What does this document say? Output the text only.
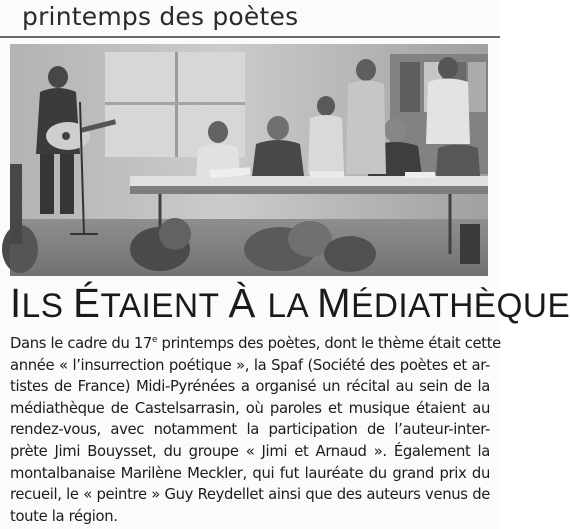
printemps des poètes
ILS ÉTAIENT À LA MÉDIATHÈQUE
Dans le cadre du 17e printemps des poètes, dont le thème était cette
année « l’insurrection poétique », la Spaf (Société des poètes et ar-
tistes de France) Midi-Pyrénées a organisé un récital au sein de la
médiathèque de Castelsarrasin, où paroles et musique étaient au
rendez-vous, avec notamment la participation de l’auteur-inter-
prète Jimi Bouysset, du groupe « Jimi et Arnaud ». Également la
montalbanaise Marilène Meckler, qui fut lauréate du grand prix du
recueil, le « peintre » Guy Reydellet ainsi que des auteurs venus de
toute la région.
